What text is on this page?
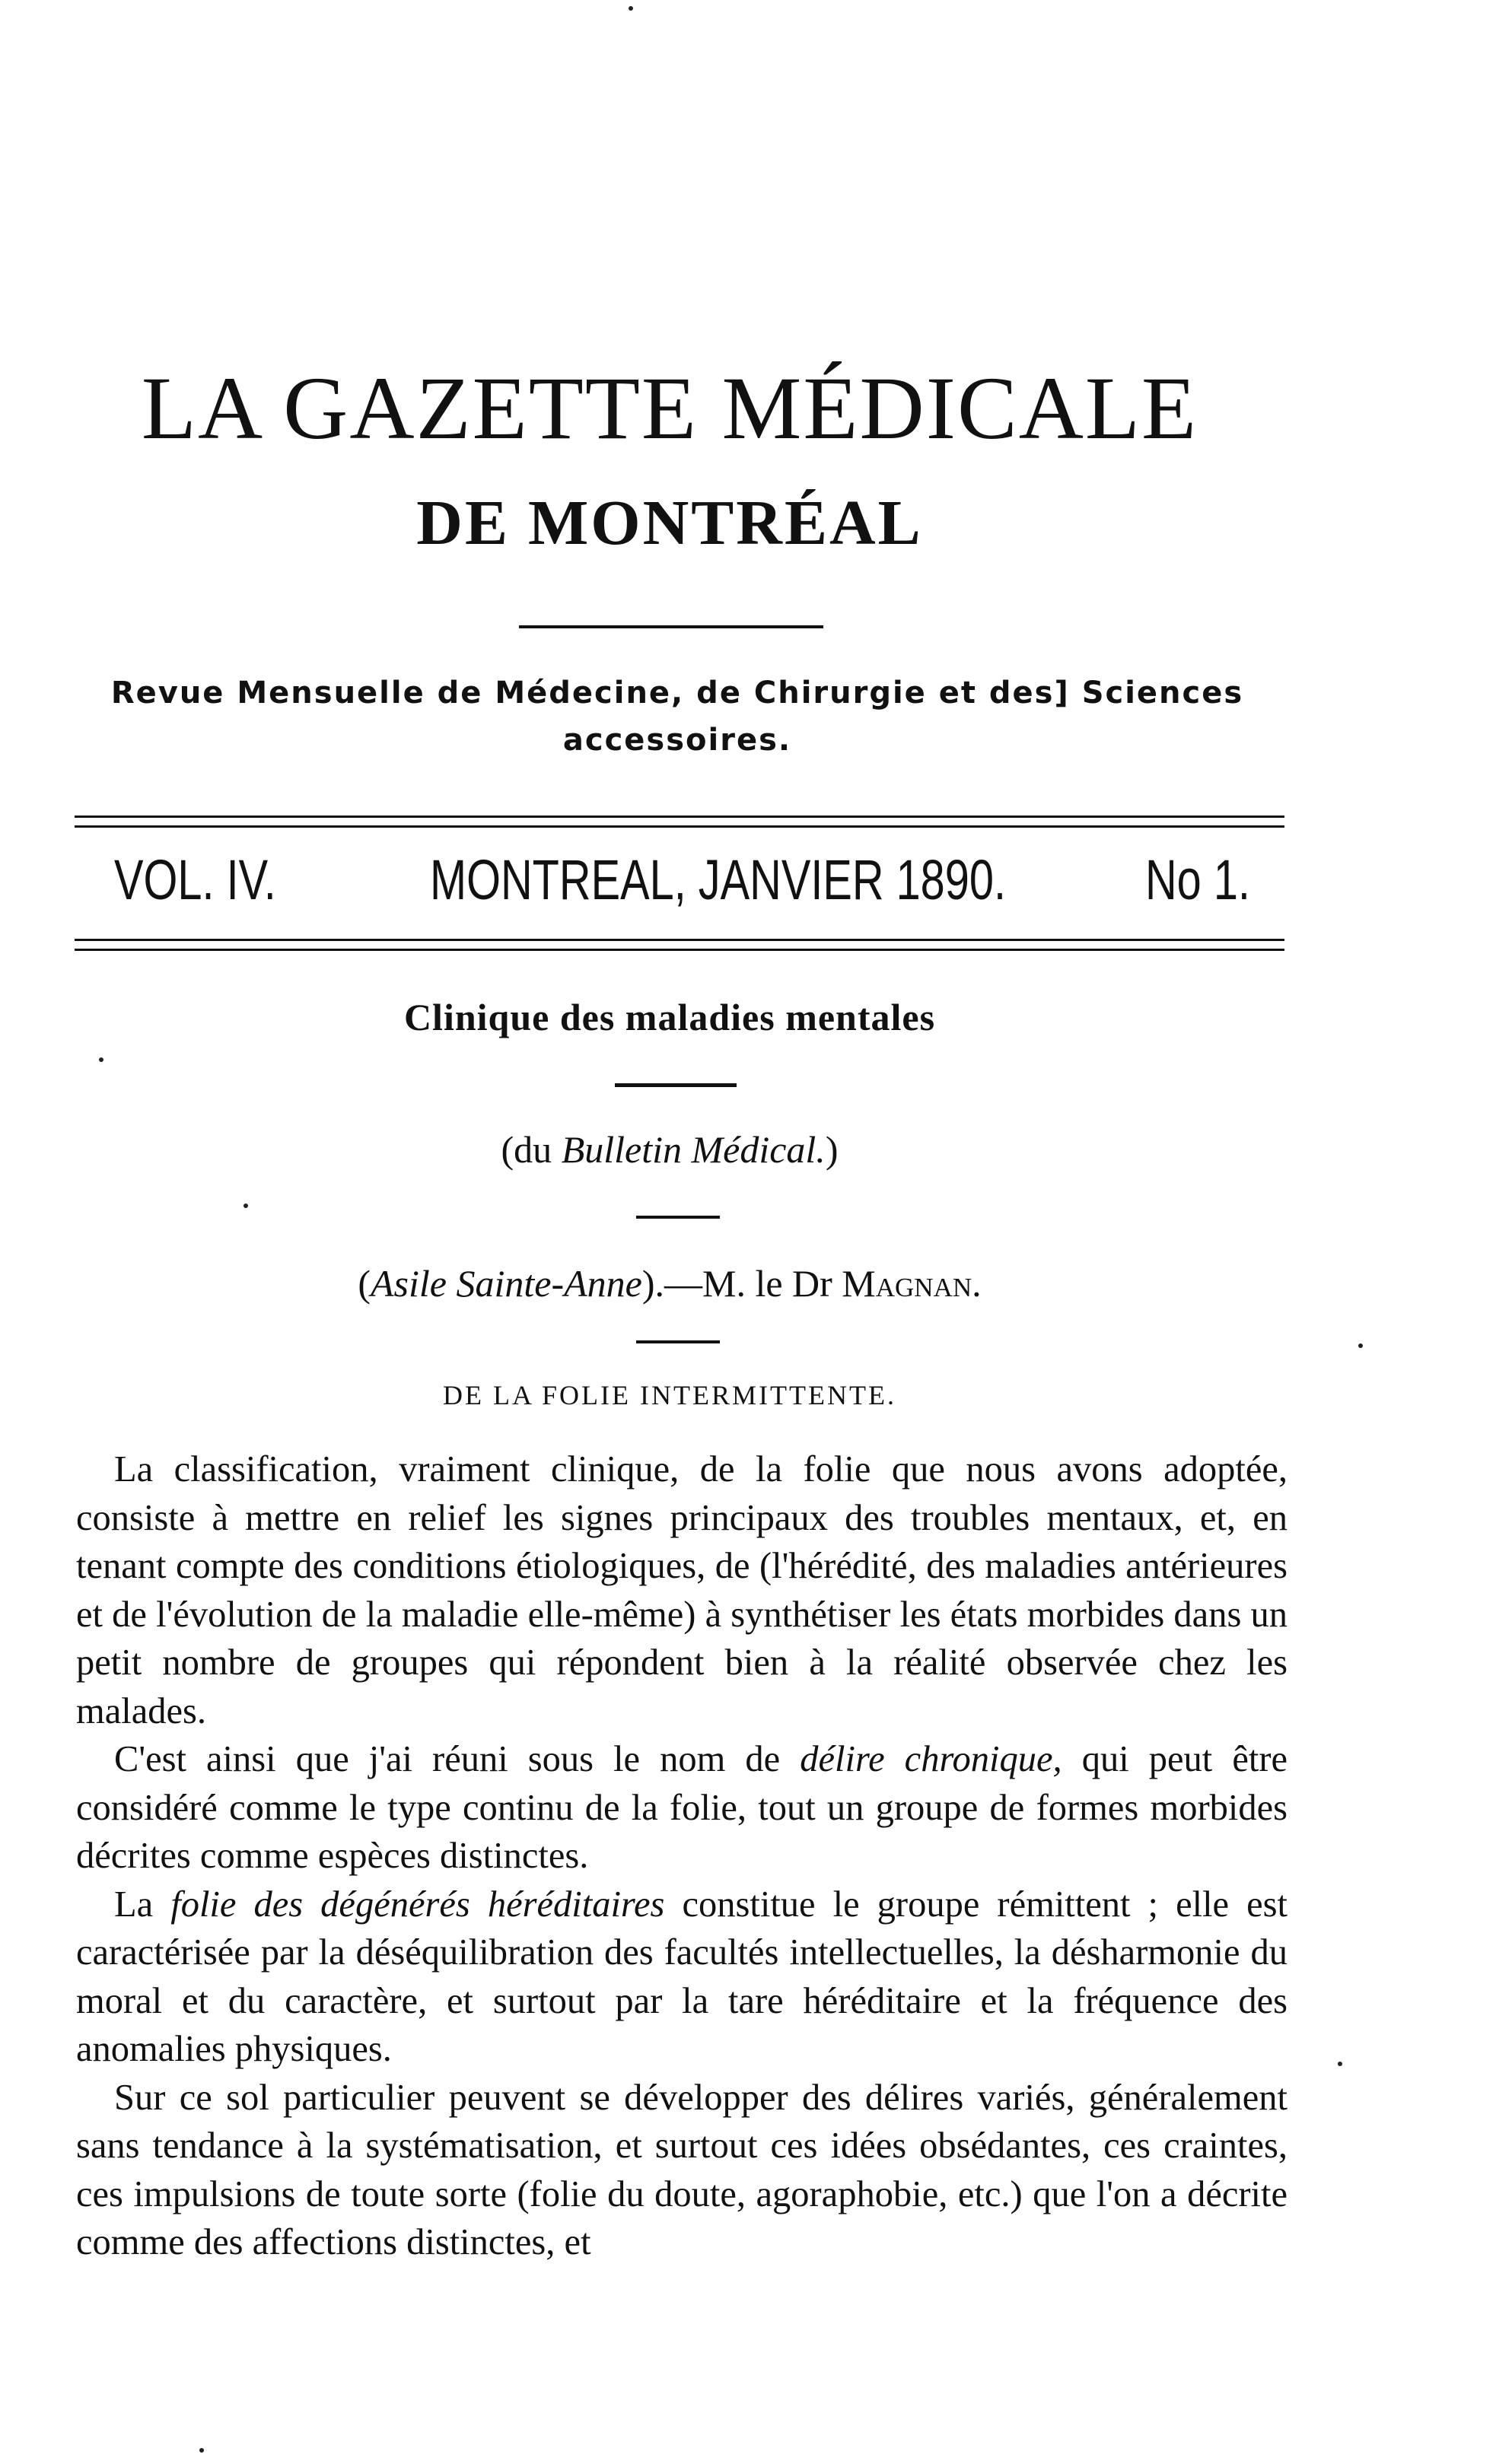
LA GAZETTE MÉDICALE
DE MONTRÉAL
Revue Mensuelle de Médecine, de Chirurgie et des] Sciences
accessoires.
VOL. IV.	MONTREAL, JANVIER 1890. No 1.
Clinique des maladies mentales
(du Bulletin Médical.)
(Asile Sainte-Anne).—M. le Dr Magnan.
DE LA FOLIE INTERMITTENTE.

La classification, vraiment clinique, de la folie que nous avons adoptée, consiste à mettre en relief les signes principaux des troubles mentaux, et, en tenant compte des conditions étiologiques, de (l'hérédité, des maladies antérieures et de l'évolution de la maladie elle-même) à synthétiser les états morbides dans un petit nombre de groupes qui répondent bien à la réalité observée chez les malades.

C'est ainsi que j'ai réuni sous le nom de délire chronique, qui peut être considéré comme le type continu de la folie, tout un groupe de formes morbides décrites comme espèces distinctes.

La folie des dégénérés héréditaires constitue le groupe rémittent ; elle est caractérisée par la déséquilibration des facultés intellectuelles, la désharmonie du moral et du caractère, et surtout par la tare héréditaire et la fréquence des anomalies physiques.

Sur ce sol particulier peuvent se développer des délires variés, généralement sans tendance à la systématisation, et surtout ces idées obsédantes, ces craintes, ces impulsions de toute sorte (folie du doute, agoraphobie, etc.) que l'on a décrite comme des affections distinctes, et
